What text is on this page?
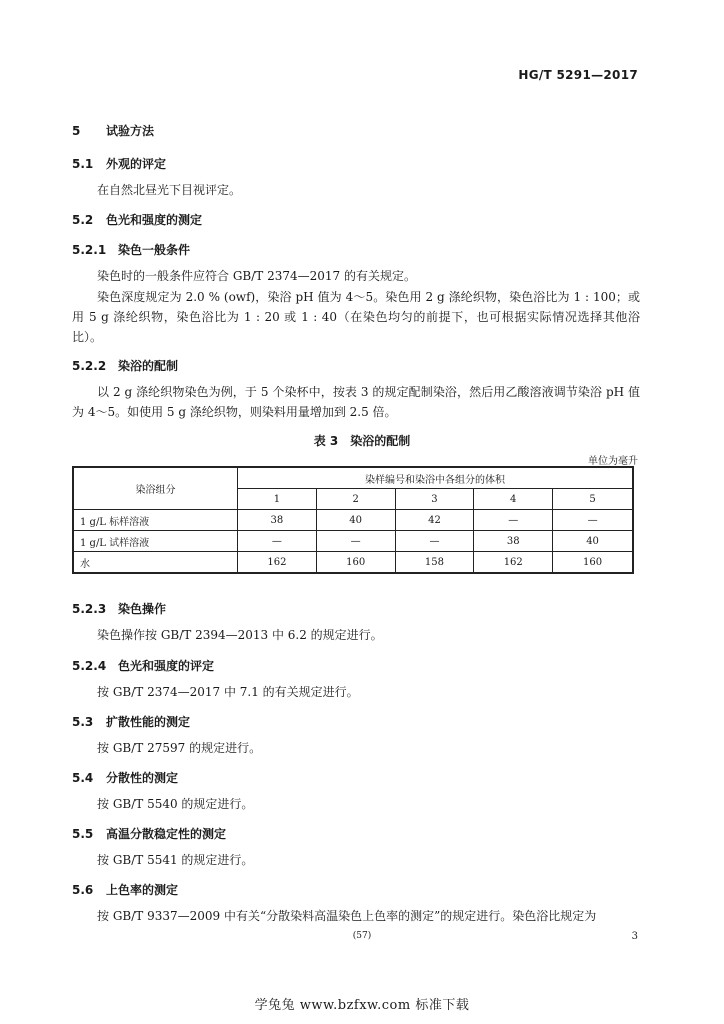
HG/T 5291—2017
5 试验方法
5.1 外观的评定
在自然北昼光下目视评定。
5.2 色光和强度的测定
5.2.1 染色一般条件
染色时的一般条件应符合 GB/T 2374—2017 的有关规定。
染色深度规定为 2.0 % (owf)，染浴 pH 值为 4～5。染色用 2 g 涤纶织物，染色浴比为 1 : 100；或用 5 g 涤纶织物，染色浴比为 1 : 20 或 1 : 40（在染色均匀的前提下，也可根据实际情况选择其他浴比）。
5.2.2 染浴的配制
以 2 g 涤纶织物染色为例，于 5 个染杯中，按表 3 的规定配制染浴，然后用乙酸溶液调节染浴 pH 值为 4～5。如使用 5 g 涤纶织物，则染料用量增加到 2.5 倍。
表 3　染浴的配制
单位为毫升
染浴组分	染样编号和染浴中各组分的体积				
	1	2	3	4	5
1 g/L 标样溶液	38	40	42	—	—
1 g/L 试样溶液	—	—	—	38	40
水	162	160	158	162	160
5.2.3 染色操作
染色操作按 GB/T 2394—2013 中 6.2 的规定进行。
5.2.4 色光和强度的评定
按 GB/T 2374—2017 中 7.1 的有关规定进行。
5.3 扩散性能的测定
按 GB/T 27597 的规定进行。
5.4 分散性的测定
按 GB/T 5540 的规定进行。
5.5 高温分散稳定性的测定
按 GB/T 5541 的规定进行。
5.6 上色率的测定
按 GB/T 9337—2009 中有关“分散染料高温染色上色率的测定”的规定进行。染色浴比规定为
(57)	3
学兔兔 www.bzfxw.com 标准下载
